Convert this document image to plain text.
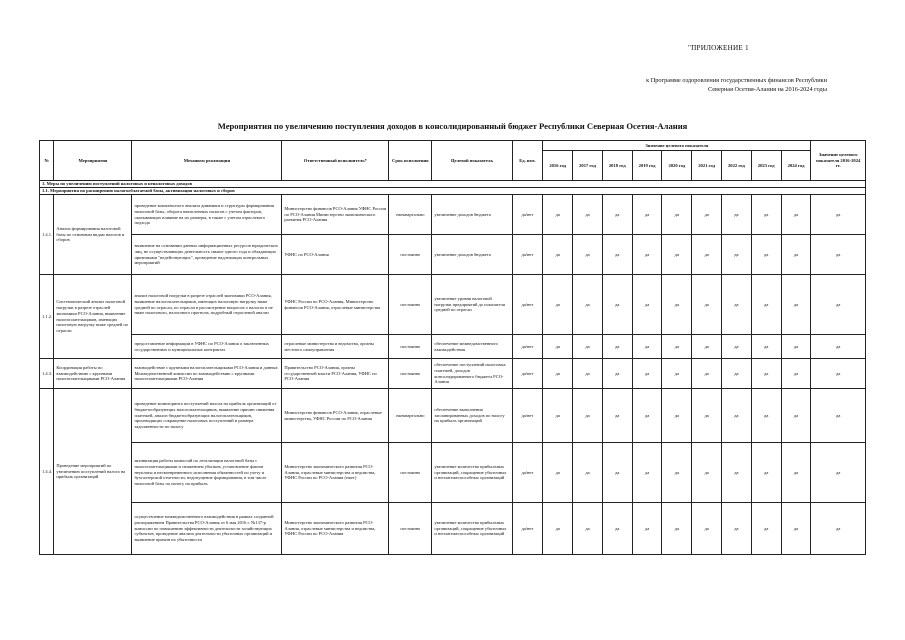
"ПРИЛОЖЕНИЕ 1
к Программе оздоровления государственных финансов Республики
Северная Осетия-Алания на 2016-2024 годы
Мероприятия по увеличению поступления доходов в консолидированный бюджет Республики Северная Осетия-Алания
№	Мероприятия	Механизм реализации	Ответственный исполнитель*	Срок исполнения	Целевой показатель	Ед. изм.	Значение целевого показателя									Значение целевого показателя 2016-2024 гг.
							2016 год	2017 год	2018 год	2019 год	2020 год	2021 год	2022 год	2023 год	2024 год	
1. Меры по увеличению поступлений налоговых и неналоговых доходов																
1.1. Мероприятия по расширению налогооблагаемой базы, активизация налоговых и сборов																
1.4.1.	Анализ формирования налоговой базы по основным видам налогов и сборов	проведение комплексного анализа динамики и структуры формирования налоговой базы, оборота начисленных налогов с учетом факторов, оказывающих влияние на их размеры, в также с учетом отраслевого подхода	Министерство финансов РСО-Алания УФНС России по РСО-Алания Министерство экономического развития РСО-Алания	ежеквартально	увеличение доходов бюджета	да/нет	да	да	да	да	да	да	да	да	да	да
		выявление на основании данных информационных ресурсов юридических лиц, не осуществляющих деятельность свыше одного года и обладающих признаками "недействующих", проведение надлежащих контрольных мероприятий	УФНС по РСО-Алания	постоянно	увеличение доходов бюджета	да/нет	да	да	да	да	да	да	да	да	да	да
1.1.2.	Систематический анализ налоговой нагрузки в разрезе отраслей экономики РСО-Алания, выявление налогоплательщиков, имеющих налоговую нагрузку ниже средней по отрасли	анализ налоговой нагрузки в разрезе отраслей экономики РСО-Алания, выявление налогоплательщиков, имеющих налоговую нагрузку ниже средней по отрасли, по отрасли в рассмотрение вопросов о налогах в не ниже налогового, налогового прогноза, подробный отраслевой анализ	УФНС России по РСО-Алания, Министерство финансов РСО-Алания, отраслевые министерства	постоянно	увеличение уровня налоговой нагрузки предприятий до показателя средней по отрасли	да/нет	да	да	да	да	да	да	да	да	да	да
		предоставление информации в УФНС по РСО-Алания о заключенных государственных и муниципальных контрактах	отраслевые министерства и ведомства, органы местного самоуправления	постоянно	обеспечение межведомственного взаимодействия	да/нет	да	да	да	да	да	да	да	да	да	да
1.4.3.	Координация работы по взаимодействию с крупными налогоплательщиками РСО-Алания	взаимодействие с крупными налогоплательщиками РСО-Алания и данных Межведомственной комиссии по взаимодействию с крупными налогоплательщиками РСО-Алания	Правительство РСО-Алания, органы государственной власти РСО-Алания, УФНС по РСО-Алания	постоянно	обеспечение поступлений налоговых платежей, доходов консолидированного бюджета РСО-Алания	да/нет	да	да	да	да	да	да	да	да	да	да
1.4.4.	Проведение мероприятий по увеличению поступлений налога на прибыль организаций	проведение мониторинга поступлений налога на прибыль организаций от бюджетообразующих налогоплательщиков, выявление причин снижения платежей, анализ бюджетообразующих налогоплательщиков, производящих сокращение налоговых поступлений и размера задолженности по налогу	Министерство финансов РСО-Алания, отраслевые министерства, УФНС России по РСО-Алания	ежеквартально	обеспечение выполнения запланированных доходов по налогу на прибыль организаций	да/нет	да	да	да	да	да	да	да	да	да	да
		активизация работы комиссий по легализации налоговой базы с налогоплательщиками и снижением убытков, установление фактов неуплаты и несвоевременного исполнения обязанностей по учету и бухгалтерской отчетности, недопущение формирования, в том числе налоговой базы по налогу на прибыль	Министерство экономического развития РСО-Алания, отраслевые министерства и ведомства, УФНС России по РСО-Алания (ежег)	постоянно	увеличение количества прибыльных организаций, сокращение убыточных и неплатежеспособных организаций	да/нет	да	да	да	да	да	да	да	да	да	да
		осуществление межведомственного взаимодействия в рамках созданной распоряжением Правительства РСО-Алания от 6 мая 2016 г. №137-р комиссии по повышению эффективности деятельности хозяйствующих субъектов, проведение анализа деятельности убыточных организаций и выявление причин их убыточности	Министерство экономического развития РСО-Алания, отраслевые министерства и ведомства, УФНС России по РСО-Алания	постоянно	увеличение количества прибыльных организаций, сокращение убыточных и неплатежеспособных организаций	да/нет	да	да	да	да	да	да	да	да	да	да
